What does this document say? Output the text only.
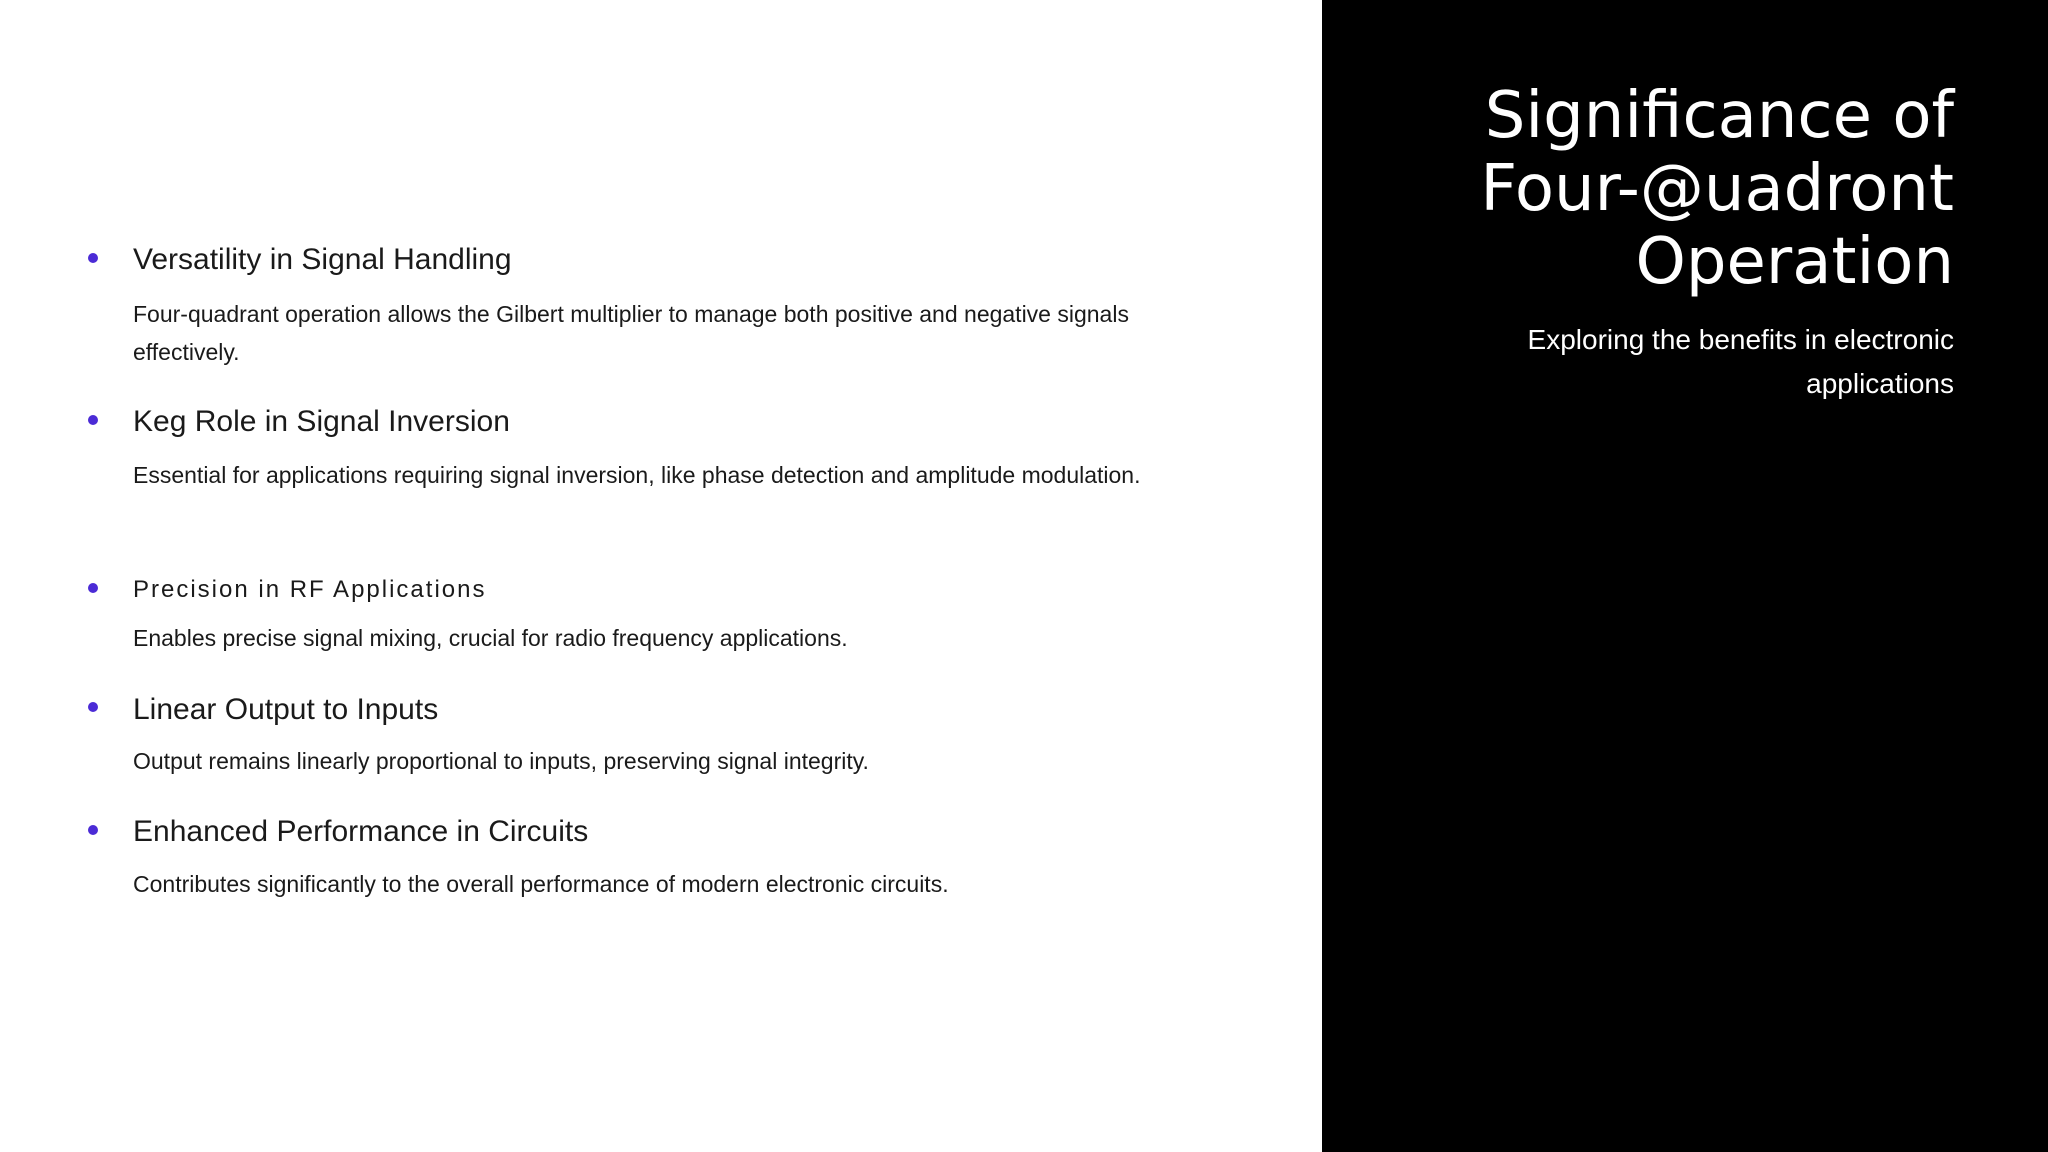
Versatility in Signal Handling

Four-quadrant operation allows the Gilbert multiplier to manage both positive and negative signals effectively.

Keg Role in Signal Inversion

Essential for applications requiring signal inversion, like phase detection and amplitude modulation.

Precision in RF Applications

Enables precise signal mixing, crucial for radio frequency applications.

Linear Output to Inputs

Output remains linearly proportional to inputs, preserving signal integrity.

Enhanced Performance in Circuits

Contributes significantly to the overall performance of modern electronic circuits.

Significance of Four-@uadront Operation

Exploring the benefits in electronic applications
